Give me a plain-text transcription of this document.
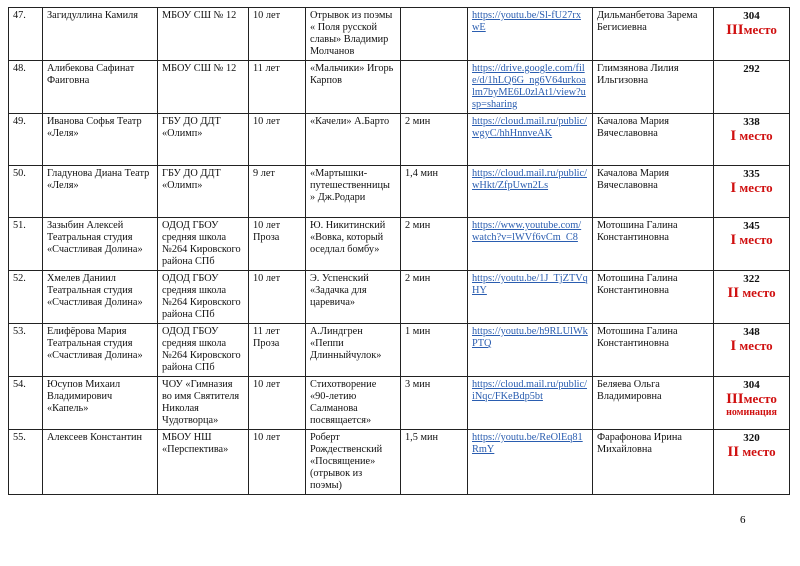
47.	Загидуллина Камиля	МБОУ СШ № 12	10 лет	Отрывок из поэмы « Поля русской славы» Владимир Молчанов		https://youtu.be/Sl-fU27rxwE	Дильманбетова Зарема Бегисиевна	304
IIIместо

48.	Алибекова Сафинат Фаиговна	МБОУ СШ № 12	11 лет	«Мальчики» Игорь Карпов		https://drive.google.com/file/d/1hLQ6G_ng6V64urkoalm7byME6L0zlAt1/view?usp=sharing	Глимзянова Лилия Ильгизовна	292
49.	Иванова Софья Театр «Леля»	ГБУ ДО ДДТ «Олимп»	10 лет	«Качели» А.Барто	2 мин	https://cloud.mail.ru/public/wgyC/hhHnnveAK	Качалова Мария Вячеславовна	338
I место

50.	Гладунова Диана Театр «Леля»	ГБУ ДО ДДТ «Олимп»	9 лет	«Мартышки-путешественницы » Дж.Родари	1,4 мин	https://cloud.mail.ru/public/wHkt/ZfpUwn2Ls	Качалова Мария Вячеславовна	335
I место

51.	Зазыбин Алексей Театральная студия «Счастливая Долина»	ОДОД ГБОУ средняя школа №264 Кировского района СПб	10 лет Проза	Ю. Никитинский «Вовка, который оседлал бомбу»	2 мин	https://www.youtube.com/watch?v=lWVf6vCm_C8	Мотошина Галина Константиновна	345
I место

52.	Хмелев Даниил Театральная студия «Счастливая Долина»	ОДОД ГБОУ средняя школа №264 Кировского района СПб	10 лет	Э. Успенский «Задачка для царевича»	2 мин	https://youtu.be/1J_TjZTVqHY	Мотошина Галина Константиновна	322
II место

53.	Елифёрова Мария Театральная студия «Счастливая Долина»	ОДОД ГБОУ средняя школа №264 Кировского района СПб	11 лет Проза	А.Линдгрен «Пеппи Длинныйчулок»	1 мин	https://youtu.be/h9RLUlWkPTQ	Мотошина Галина Константиновна	348
I место

54.	Юсупов Михаил Владимирович «Капель»	ЧОУ «Гимназия во имя Святителя Николая Чудотворца»	10 лет	Стихотворение «90-летию Салманова посвящается»	3 мин	https://cloud.mail.ru/public/iNqc/FKeBdp5bt	Беляева Ольга Владимировна	304
IIIместо
номинация

55.	Алексеев Константин	МБОУ НШ «Перспектива»	10 лет	Роберт Рождественский «Посвящение» (отрывок из поэмы)	1,5 мин	https://youtu.be/ReOlEq81RmY	Фарафонова Ирина Михайловна	320
II место
6
